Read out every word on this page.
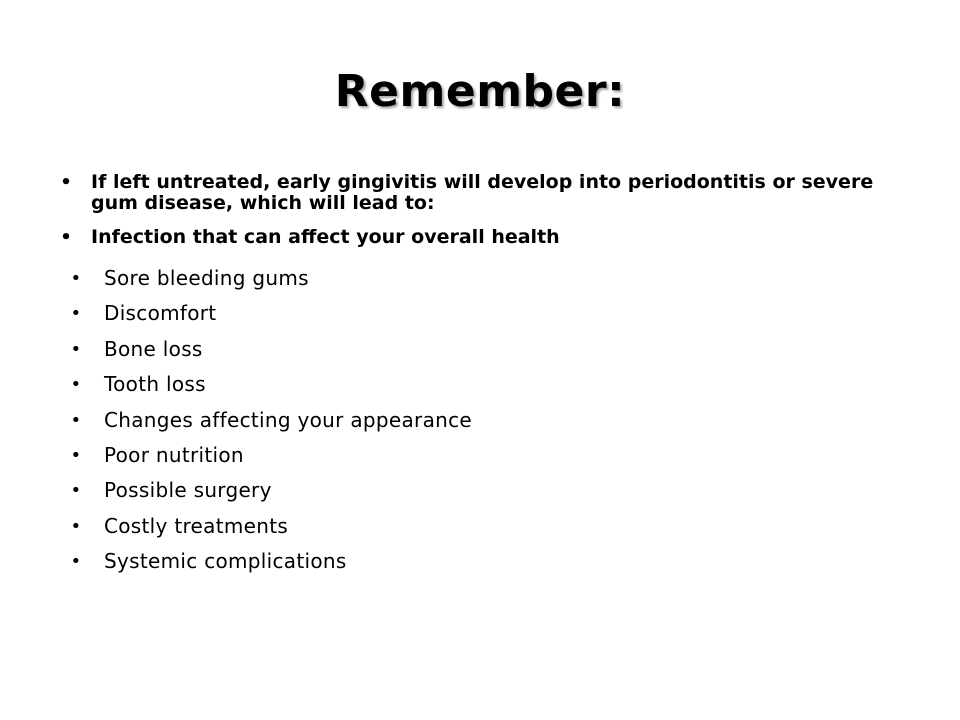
Remember:
• If left untreated, early gingivitis will develop into periodontitis or severe gum disease, which will lead to:
• Infection that can affect your overall health
• Sore bleeding gums
• Discomfort
• Bone loss
• Tooth loss
• Changes affecting your appearance
• Poor nutrition
• Possible surgery
• Costly treatments
• Systemic complications
